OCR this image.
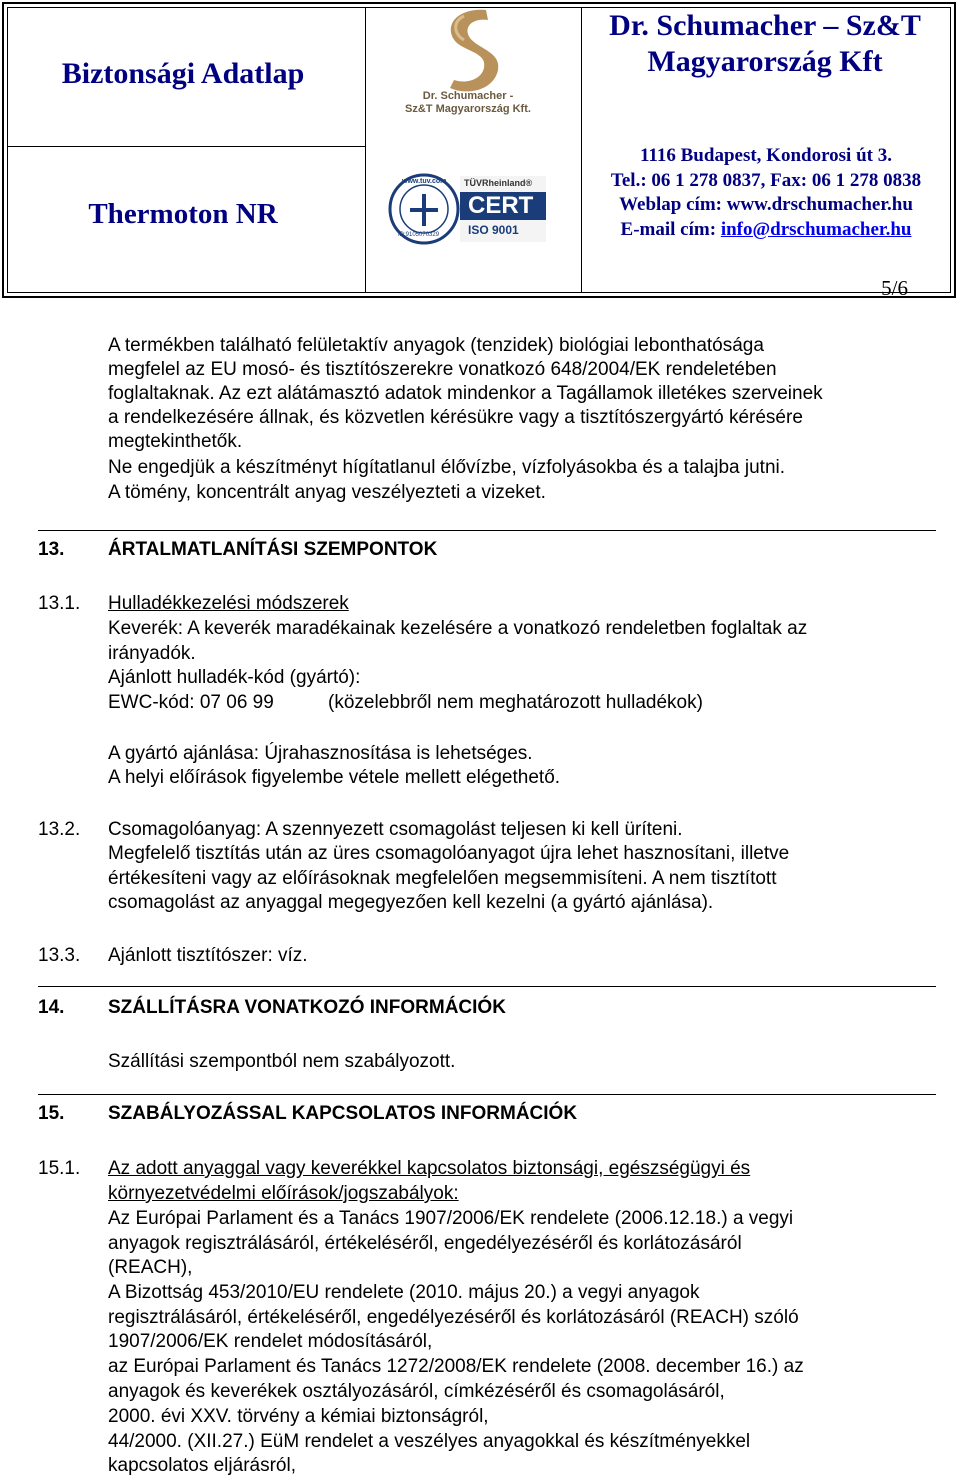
Biztonsági Adatlap
Thermoton NR
Dr. Schumacher – Sz&T
Magyarország Kft
Dr. Schumacher -
Sz&T Magyarország Kft.
www.tuv.com
ID:9105070329
TÜVRheinland®
CERT
ISO 9001
1116 Budapest, Kondorosi út 3.
Tel.: 06 1 278 0837, Fax: 06 1 278 0838
Weblap cím: www.drschumacher.hu
E-mail cím: info@drschumacher.hu
5/6
A termékben található felületaktív anyagok (tenzidek) biológiai lebonthatósága
megfelel az EU mosó- és tisztítószerekre vonatkozó 648/2004/EK rendeletében
foglaltaknak. Az ezt alátámasztó adatok mindenkor a Tagállamok illetékes szerveinek
a rendelkezésére állnak, és közvetlen kérésükre vagy a tisztítószergyártó kérésére
megtekinthetők.
Ne engedjük a készítményt hígítatlanul élővízbe, vízfolyásokba és a talajba jutni.
A tömény, koncentrált anyag veszélyezteti a vizeket.
13. ÁRTALMATLANÍTÁSI SZEMPONTOK
13.1. Hulladékkezelési módszerek
Keverék: A keverék maradékainak kezelésére a vonatkozó rendeletben foglaltak az
irányadók.
Ajánlott hulladék-kód (gyártó):
EWC-kód: 07 06 99	(közelebbről nem meghatározott hulladékok)
A gyártó ajánlása: Újrahasznosítása is lehetséges.
A helyi előírások figyelembe vétele mellett elégethető.
13.2. Csomagolóanyag: A szennyezett csomagolást teljesen ki kell üríteni.
Megfelelő tisztítás után az üres csomagolóanyagot újra lehet hasznosítani, illetve
értékesíteni vagy az előírásoknak megfelelően megsemmisíteni. A nem tisztított
csomagolást az anyaggal megegyezően kell kezelni (a gyártó ajánlása).
13.3. Ajánlott tisztítószer: víz.
14. SZÁLLÍTÁSRA VONATKOZÓ INFORMÁCIÓK
Szállítási szempontból nem szabályozott.
15. SZABÁLYOZÁSSAL KAPCSOLATOS INFORMÁCIÓK
15.1. Az adott anyaggal vagy keverékkel kapcsolatos biztonsági, egészségügyi és
környezetvédelmi előírások/jogszabályok:
Az Európai Parlament és a Tanács 1907/2006/EK rendelete (2006.12.18.) a vegyi
anyagok regisztrálásáról, értékeléséről, engedélyezéséről és korlátozásáról
(REACH),
A Bizottság 453/2010/EU rendelete (2010. május 20.) a vegyi anyagok
regisztrálásáról, értékeléséről, engedélyezéséről és korlátozásáról (REACH) szóló
1907/2006/EK rendelet módosításáról,
az Európai Parlament és Tanács 1272/2008/EK rendelete (2008. december 16.) az
anyagok és keverékek osztályozásáról, címkézéséről és csomagolásáról,
2000. évi XXV. törvény a kémiai biztonságról,
44/2000. (XII.27.) EüM rendelet a veszélyes anyagokkal és készítményekkel
kapcsolatos eljárásról,
